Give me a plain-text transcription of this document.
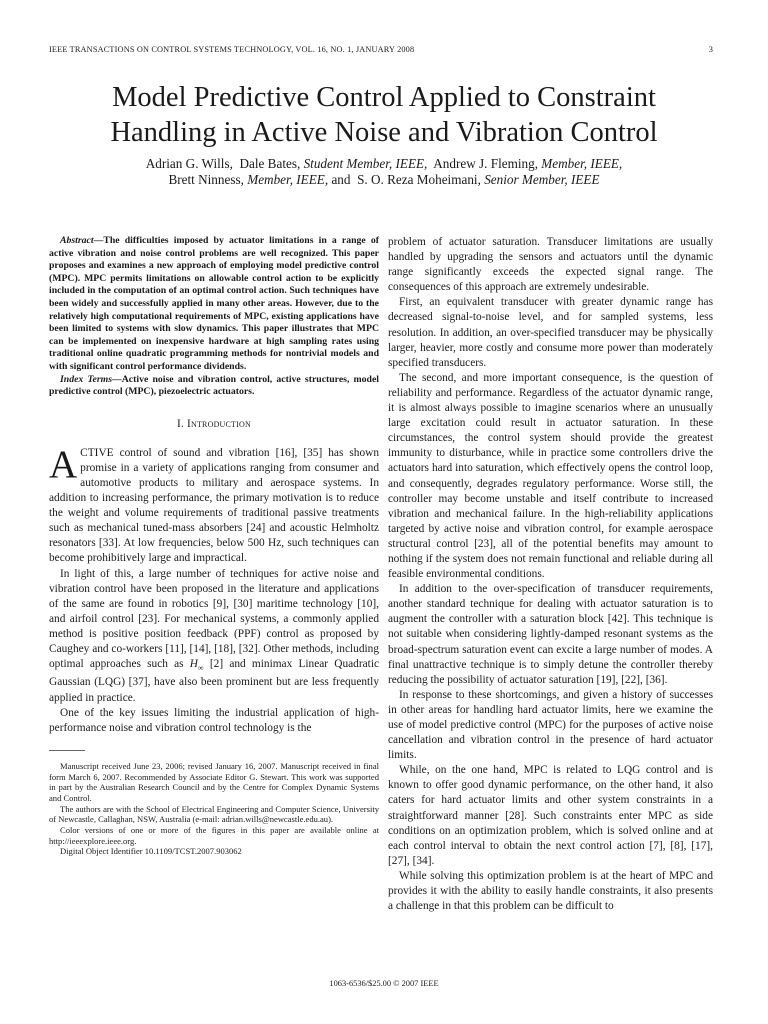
IEEE TRANSACTIONS ON CONTROL SYSTEMS TECHNOLOGY, VOL. 16, NO. 1, JANUARY 2008	3
Model Predictive Control Applied to Constraint
Handling in Active Noise and Vibration Control
Adrian G. Wills, Dale Bates, Student Member, IEEE, Andrew J. Fleming, Member, IEEE,
Brett Ninness, Member, IEEE, and S. O. Reza Moheimani, Senior Member, IEEE

Abstract—The difficulties imposed by actuator limitations in a range of active vibration and noise control problems are well recognized. This paper proposes and examines a new approach of employing model predictive control (MPC). MPC permits limitations on allowable control action to be explicitly included in the computation of an optimal control action. Such techniques have been widely and successfully applied in many other areas. However, due to the relatively high computational requirements of MPC, existing applications have been limited to systems with slow dynamics. This paper illustrates that MPC can be implemented on inexpensive hardware at high sampling rates using traditional online quadratic programming methods for nontrivial models and with significant control performance dividends.

Index Terms—Active noise and vibration control, active structures, model predictive control (MPC), piezoelectric actuators.

I. Introduction

ACTIVE control of sound and vibration [16], [35] has shown promise in a variety of applications ranging from consumer and automotive products to military and aerospace systems. In addition to increasing performance, the primary motivation is to reduce the weight and volume requirements of traditional passive treatments such as mechanical tuned-mass absorbers [24] and acoustic Helmholtz resonators [33]. At low frequencies, below 500 Hz, such techniques can become prohibitively large and impractical.

In light of this, a large number of techniques for active noise and vibration control have been proposed in the literature and applications of the same are found in robotics [9], [30] maritime technology [10], and airfoil control [23]. For mechanical systems, a commonly applied method is positive position feedback (PPF) control as proposed by Caughey and co-workers [11], [14], [18], [32]. Other methods, including optimal approaches such as $H_\infty$ [2] and minimax Linear Quadratic Gaussian (LQG) [37], have also been prominent but are less frequently applied in practice.

One of the key issues limiting the industrial application of high-performance noise and vibration control technology is the

Manuscript received June 23, 2006; revised January 16, 2007. Manuscript received in final form March 6, 2007. Recommended by Associate Editor G. Stewart. This work was supported in part by the Australian Research Council and by the Centre for Complex Dynamic Systems and Control.

The authors are with the School of Electrical Engineering and Computer Science, University of Newcastle, Callaghan, NSW, Australia (e-mail: adrian.wills@newcastle.edu.au).

Color versions of one or more of the figures in this paper are available online at http://ieeexplore.ieee.org.

Digital Object Identifier 10.1109/TCST.2007.903062

problem of actuator saturation. Transducer limitations are usually handled by upgrading the sensors and actuators until the dynamic range significantly exceeds the expected signal range. The consequences of this approach are extremely undesirable.

First, an equivalent transducer with greater dynamic range has decreased signal-to-noise level, and for sampled systems, less resolution. In addition, an over-specified transducer may be physically larger, heavier, more costly and consume more power than moderately specified transducers.

The second, and more important consequence, is the question of reliability and performance. Regardless of the actuator dynamic range, it is almost always possible to imagine scenarios where an unusually large excitation could result in actuator saturation. In these circumstances, the control system should provide the greatest immunity to disturbance, while in practice some controllers drive the actuators hard into saturation, which effectively opens the control loop, and consequently, degrades regulatory performance. Worse still, the controller may become unstable and itself contribute to increased vibration and mechanical failure. In the high-reliability applications targeted by active noise and vibration control, for example aerospace structural control [23], all of the potential benefits may amount to nothing if the system does not remain functional and reliable during all feasible environmental conditions.

In addition to the over-specification of transducer requirements, another standard technique for dealing with actuator saturation is to augment the controller with a saturation block [42]. This technique is not suitable when considering lightly-damped resonant systems as the broad-spectrum saturation event can excite a large number of modes. A final unattractive technique is to simply detune the controller thereby reducing the possibility of actuator saturation [19], [22], [36].

In response to these shortcomings, and given a history of successes in other areas for handling hard actuator limits, here we examine the use of model predictive control (MPC) for the purposes of active noise cancellation and vibration control in the presence of hard actuator limits.

While, on the one hand, MPC is related to LQG control and is known to offer good dynamic performance, on the other hand, it also caters for hard actuator limits and other system constraints in a straightforward manner [28]. Such constraints enter MPC as side conditions on an optimization problem, which is solved online and at each control interval to obtain the next control action [7], [8], [17], [27], [34].

While solving this optimization problem is at the heart of MPC and provides it with the ability to easily handle constraints, it also presents a challenge in that this problem can be difficult to

1063-6536/$25.00 © 2007 IEEE
